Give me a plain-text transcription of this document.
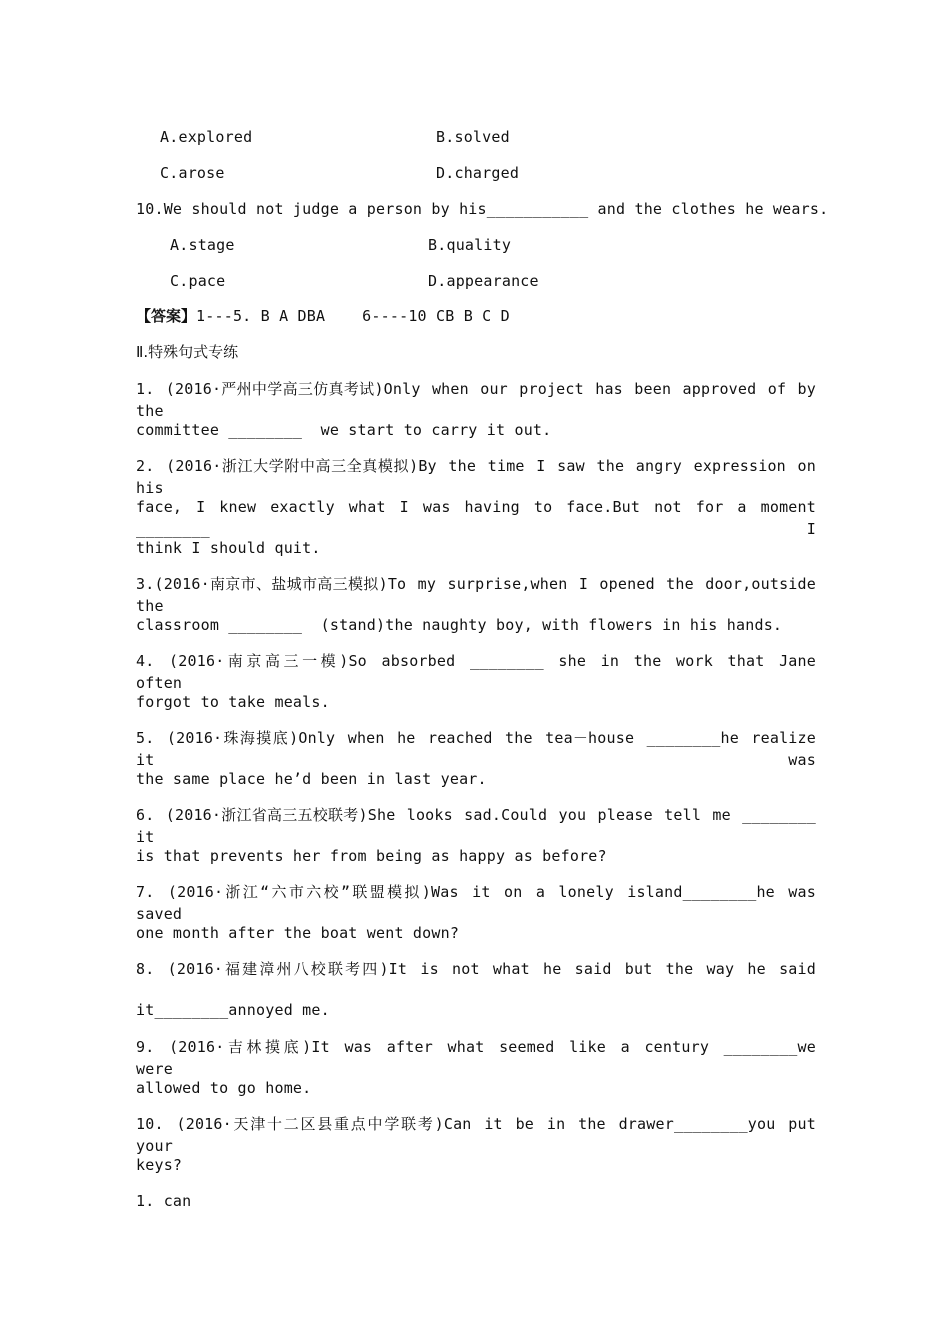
A.explored	B.solved
C.arose	D.charged
10.We should not judge a person by his___________ and the clothes he wears.
A.stage	B.quality
C.pace	D.appearance
【答案】1---5. B A DBA    6----10 CB B C D
Ⅱ.特殊句式专练
1. (2016·严州中学高三仿真考试)Only when our project has been approved of by the
committee ________  we start to carry it out.
2. (2016·浙江大学附中高三全真模拟)By the time I saw the angry expression on his
face, I knew exactly what I was having to face.But not for a moment ________ I
think I should quit.
3.(2016·南京市、盐城市高三模拟)To my surprise,when I opened the door,outside the
classroom ________  (stand)the naughty boy, with flowers in his hands.
4. (2016·南京高三一模)So absorbed ________ she in the work that Jane often
forgot to take meals.
5. (2016·珠海摸底)Only when he reached the tea－house ________he realize it was
the same place he’d been in last year.
6. (2016·浙江省高三五校联考)She looks sad.Could you please tell me ________ it
is that prevents her from being as happy as before?
7. (2016·浙江“六市六校”联盟模拟)Was it on a lonely island________he was saved
one month after the boat went down?
8. (2016·福建漳州八校联考四)It is not what he said but the way he said
it________annoyed me.
9. (2016·吉林摸底)It was after what seemed like a century ________we were
allowed to go home.
10. (2016·天津十二区县重点中学联考)Can it be in the drawer________you put your
keys?
1. can
